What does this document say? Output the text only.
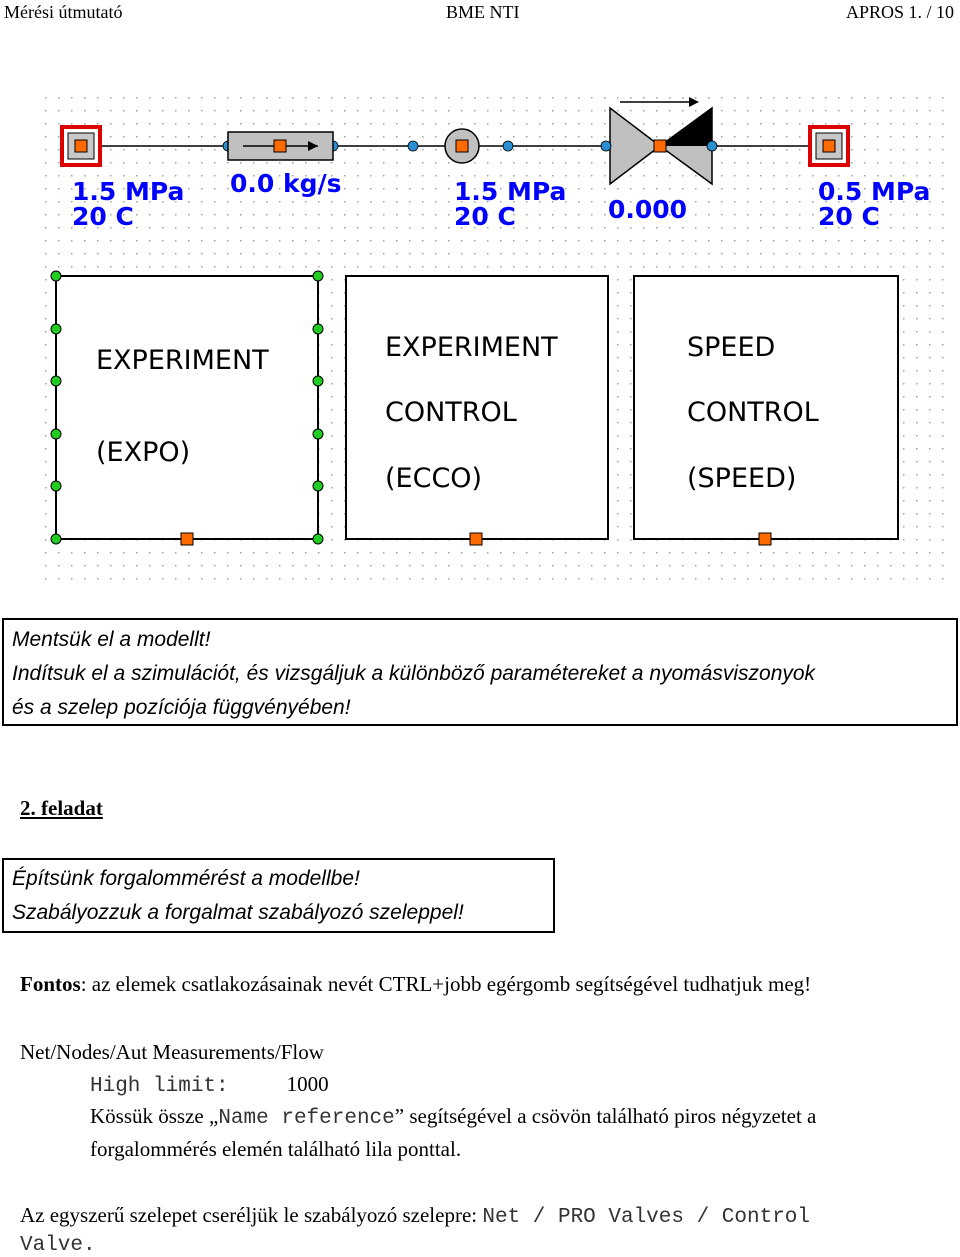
Mérési útmutató	BME NTI	APROS 1. / 10
1.5 MPa
20 C
0.0 kg/s	1.5 MPa
20 C	0.000
0.5 MPa
20 C
EXPERIMENT
(EXPO)
EXPERIMENT
CONTROL
(ECCO)
SPEED
CONTROL
(SPEED)
Mentsük el a modellt!
Indítsuk el a szimulációt, és vizsgáljuk a különböző paramétereket a nyomásviszonyok
és a szelep pozíciója függvényében!
2. feladat
Építsünk forgalommérést a modellbe!
Szabályozzuk a forgalmat szabályozó szeleppel!
Fontos: az elemek csatlakozásainak nevét CTRL+jobb egérgomb segítségével tudhatjuk meg!
Net/Nodes/Aut Measurements/Flow
High limit:	1000
Kössük össze „Name reference” segítségével a csövön található piros négyzetet a
forgalommérés elemén található lila ponttal.
Az egyszerű szelepet cseréljük le szabályozó szelepre: Net / PRO Valves / Control
Valve.
